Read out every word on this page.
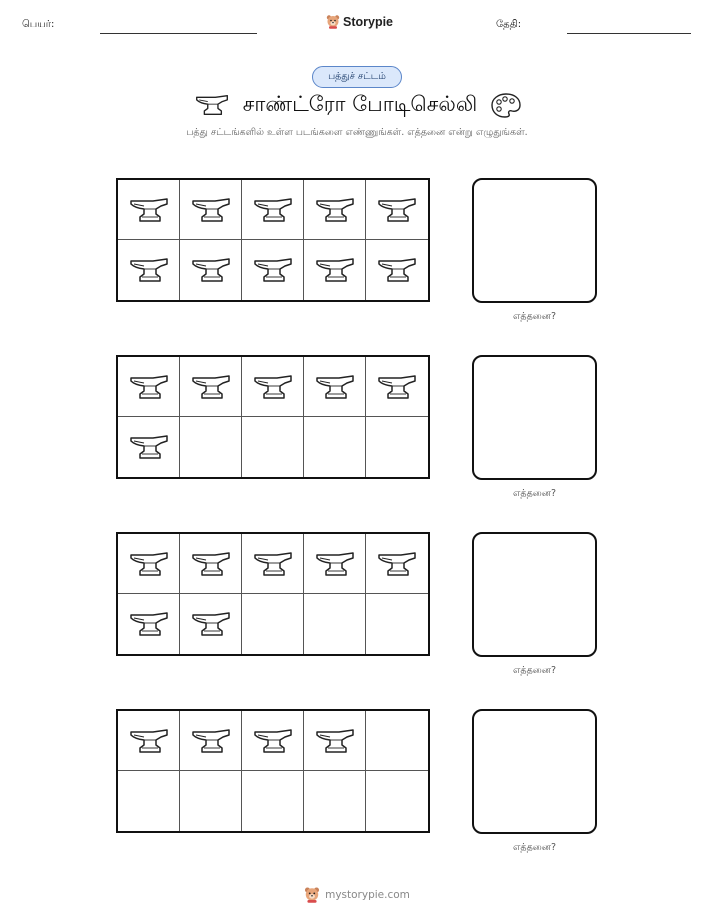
பெயர்:	Storypie	தேதி:
பத்துச் சட்டம்
சாண்ட்ரோ போடிசெல்லி
பத்து சட்டங்களில் உள்ள படங்களை எண்ணுங்கள். எத்தனை என்று எழுதுங்கள்.
எத்தனை?
எத்தனை?
எத்தனை?
எத்தனை?
mystorypie.com
